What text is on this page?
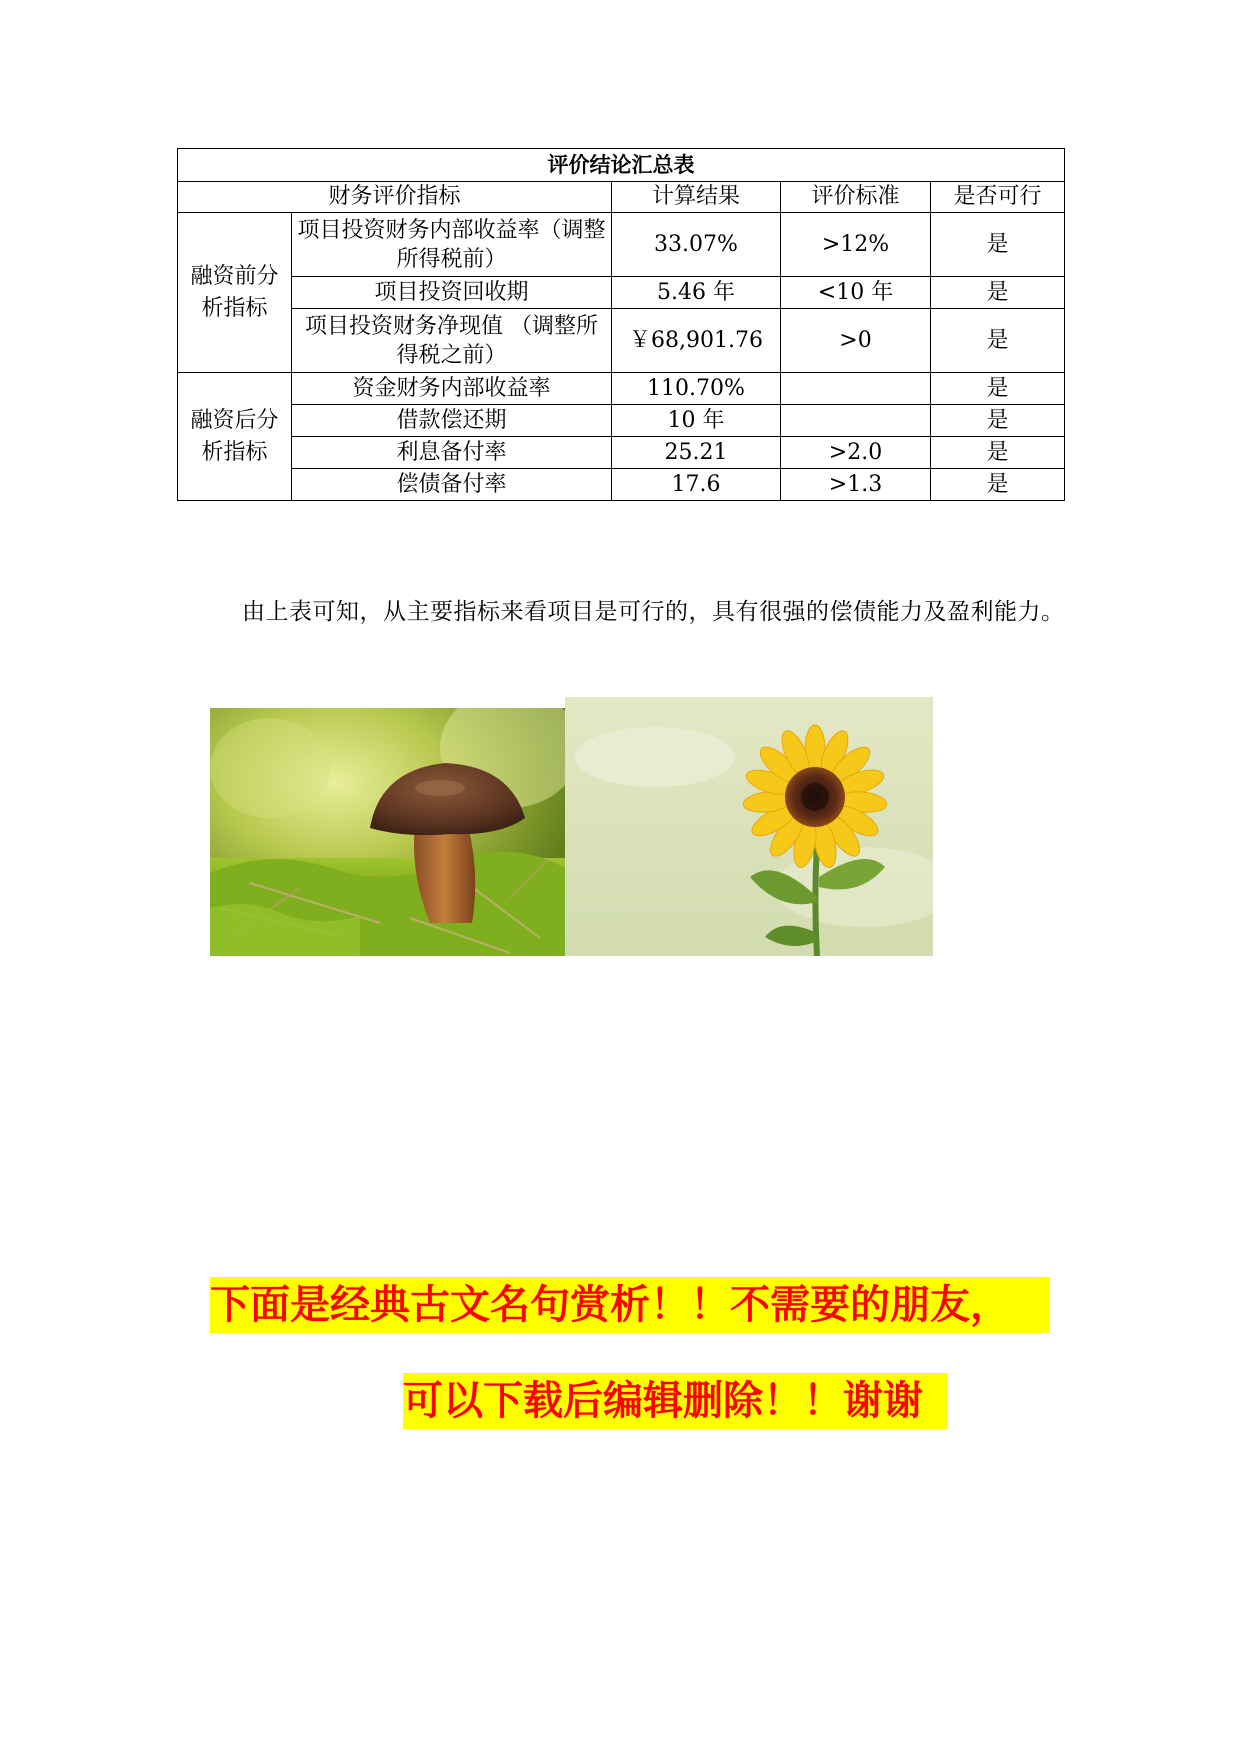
评价结论汇总表				
财务评价指标		计算结果	评价标准	是否可行
融资前分析指标	项目投资财务内部收益率（调整所得税前）	33.07%	>12%	是
	项目投资回收期	5.46 年	<10 年	是
	项目投资财务净现值 （调整所得税之前）	￥68,901.76	>0	是
融资后分析指标	资金财务内部收益率	110.70%		是
	借款偿还期	10 年		是
	利息备付率	25.21	>2.0	是
	偿债备付率	17.6	>1.3	是

由上表可知，从主要指标来看项目是可行的，具有很强的偿债能力及盈利能力。

下面是经典古文名句赏析！！不需要的朋友，

可以下载后编辑删除！！谢谢
